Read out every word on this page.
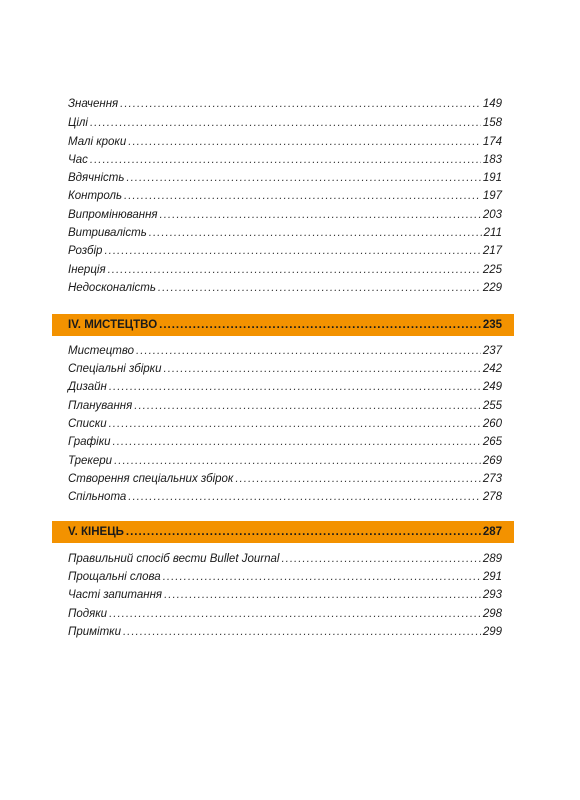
Значення .....	149
Цілі .....	158
Малі кроки .....	174
Час .....	183
Вдячність .....	191
Контроль .....	197
Випромінювання .....	203
Витривалість .....	211
Розбір .....	217
Інерція .....	225
Недосконалість .....	229
IV. МИСТЕЦТВО .....	235
Мистецтво .....	237
Спеціальні збірки .....	242
Дизайн .....	249
Планування .....	255
Списки .....	260
Графіки .....	265
Трекери .....	269
Створення спеціальних збірок .....	273
Спільнота .....	278
V. КІНЕЦЬ .....	287
Правильний спосіб вести Bullet Journal .....	289
Прощальні слова .....	291
Часті запитання .....	293
Подяки .....	298
Примітки .....	299
